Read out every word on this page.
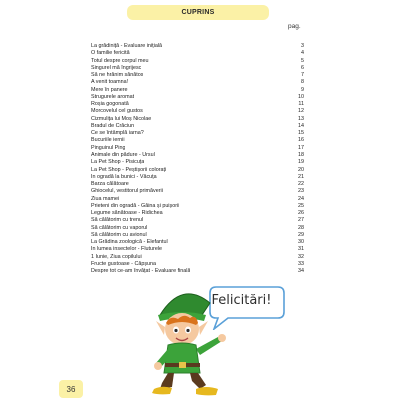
CUPRINS
pag.
La grădiniță - Evaluare inițială	3
O familie fericită	4
Totul despre corpul meu	5
Singurel mă îngrijesc	6
Să ne hrănim sănătos	7
A venit toamna!	8
Mere în panere	9
Strugurele aromat	10
Roșia gogonată	11
Morcovelul cel gustos	12
Cizmulița lui Moș Nicolae	13
Bradul de Crăciun	14
Ce se întâmplă iarna?	15
Bucuriile iernii	16
Pinguinul Ping	17
Animale din pădure - Ursul	18
La Pet Shop - Pisicuța	19
La Pet Shop - Peștișorii colorați	20
În ogradă la bunici - Văcuța	21
Barza călătoare	22
Ghiocelul, vestitorul primăverii	23
Ziua mamei	24
Prieteni din ogradă - Găina și puișorii	25
Legume sănătoase - Ridichea	26
Să călătorim cu trenul	27
Să călătorim cu vaporul	28
Să călătorim cu avionul	29
La Grădina zoologică - Elefantul	30
În lumea insectelor - Fluturele	31
1 Iunie, Ziua copilului	32
Fructe gustoase - Căpșuna	33
Despre tot ce-am învățat - Evaluare finală	34
Felicitări!
36
